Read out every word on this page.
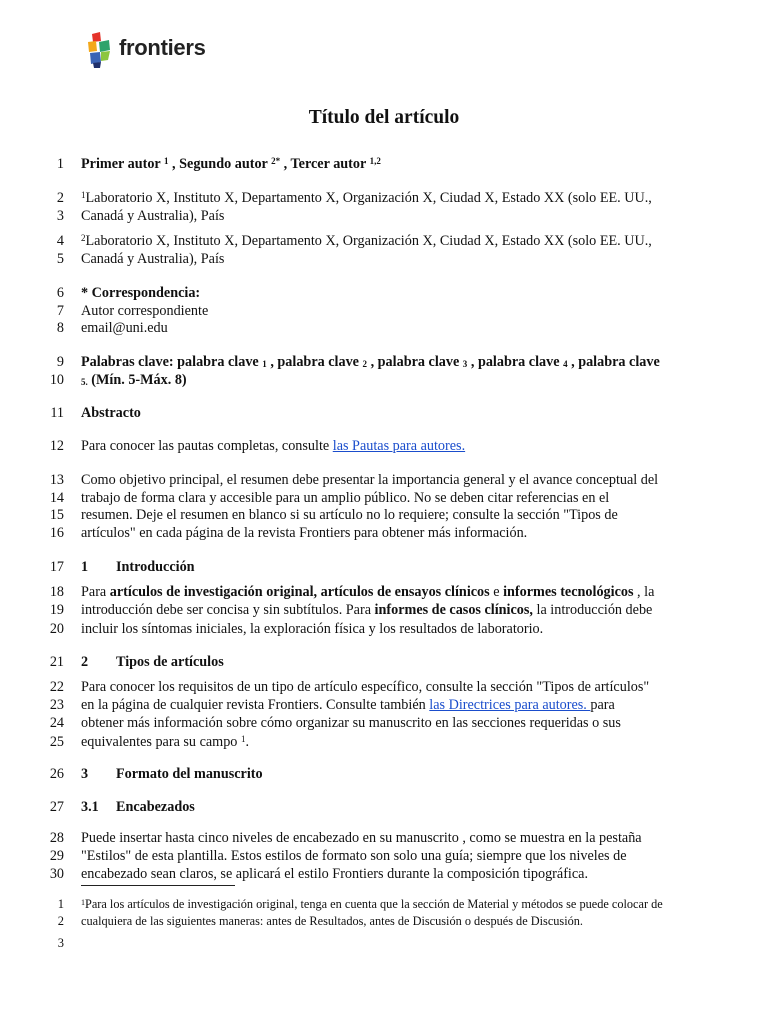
frontiers
Título del artículo
1
2
3
4
5
6
7
8
9
10
11
12
13
14
15
16
17
18
19
20
21
22
23
24
25
26
27
28
29
30
Primer autor $^1$ , Segundo autor $^{2*}$ , Tercer autor $^{1,2}$
$^1$Laboratorio X, Instituto X, Departamento X, Organización X, Ciudad X, Estado XX (solo EE. UU.,
Canadá y Australia), País
$^2$Laboratorio X, Instituto X, Departamento X, Organización X, Ciudad X, Estado XX (solo EE. UU.,
Canadá y Australia), País
* Correspondencia:
Autor correspondiente
email@uni.edu
Palabras clave: palabra clave $_1$ , palabra clave $_2$ , palabra clave $_3$ , palabra clave $_4$ , palabra clave
$_{5.}$ (Mín. 5-Máx. 8)
Abstracto
Para conocer las pautas completas, consulte las Pautas para autores.
Como objetivo principal, el resumen debe presentar la importancia general y el avance conceptual del
trabajo de forma clara y accesible para un amplio público. No se deben citar referencias en el
resumen. Deje el resumen en blanco si su artículo no lo requiere; consulte la sección "Tipos de
artículos" en cada página de la revista Frontiers para obtener más información.
1 Introducción
Para artículos de investigación original, artículos de ensayos clínicos e informes tecnológicos , la
introducción debe ser concisa y sin subtítulos. Para informes de casos clínicos, la introducción debe
incluir los síntomas iniciales, la exploración física y los resultados de laboratorio.
2 Tipos de artículos
Para conocer los requisitos de un tipo de artículo específico, consulte la sección "Tipos de artículos"
en la página de cualquier revista Frontiers. Consulte también las Directrices para autores. para
obtener más información sobre cómo organizar su manuscrito en las secciones requeridas o sus
equivalentes para su campo $^1$.
3 Formato del manuscrito
3.1 Encabezados
Puede insertar hasta cinco niveles de encabezado en su manuscrito , como se muestra en la pestaña
"Estilos" de esta plantilla. Estos estilos de formato son solo una guía; siempre que los niveles de
encabezado sean claros, se aplicará el estilo Frontiers durante la composición tipográfica.
1
2
3
$^1$Para los artículos de investigación original, tenga en cuenta que la sección de Material y métodos se puede colocar de
cualquiera de las siguientes maneras: antes de Resultados, antes de Discusión o después de Discusión.
